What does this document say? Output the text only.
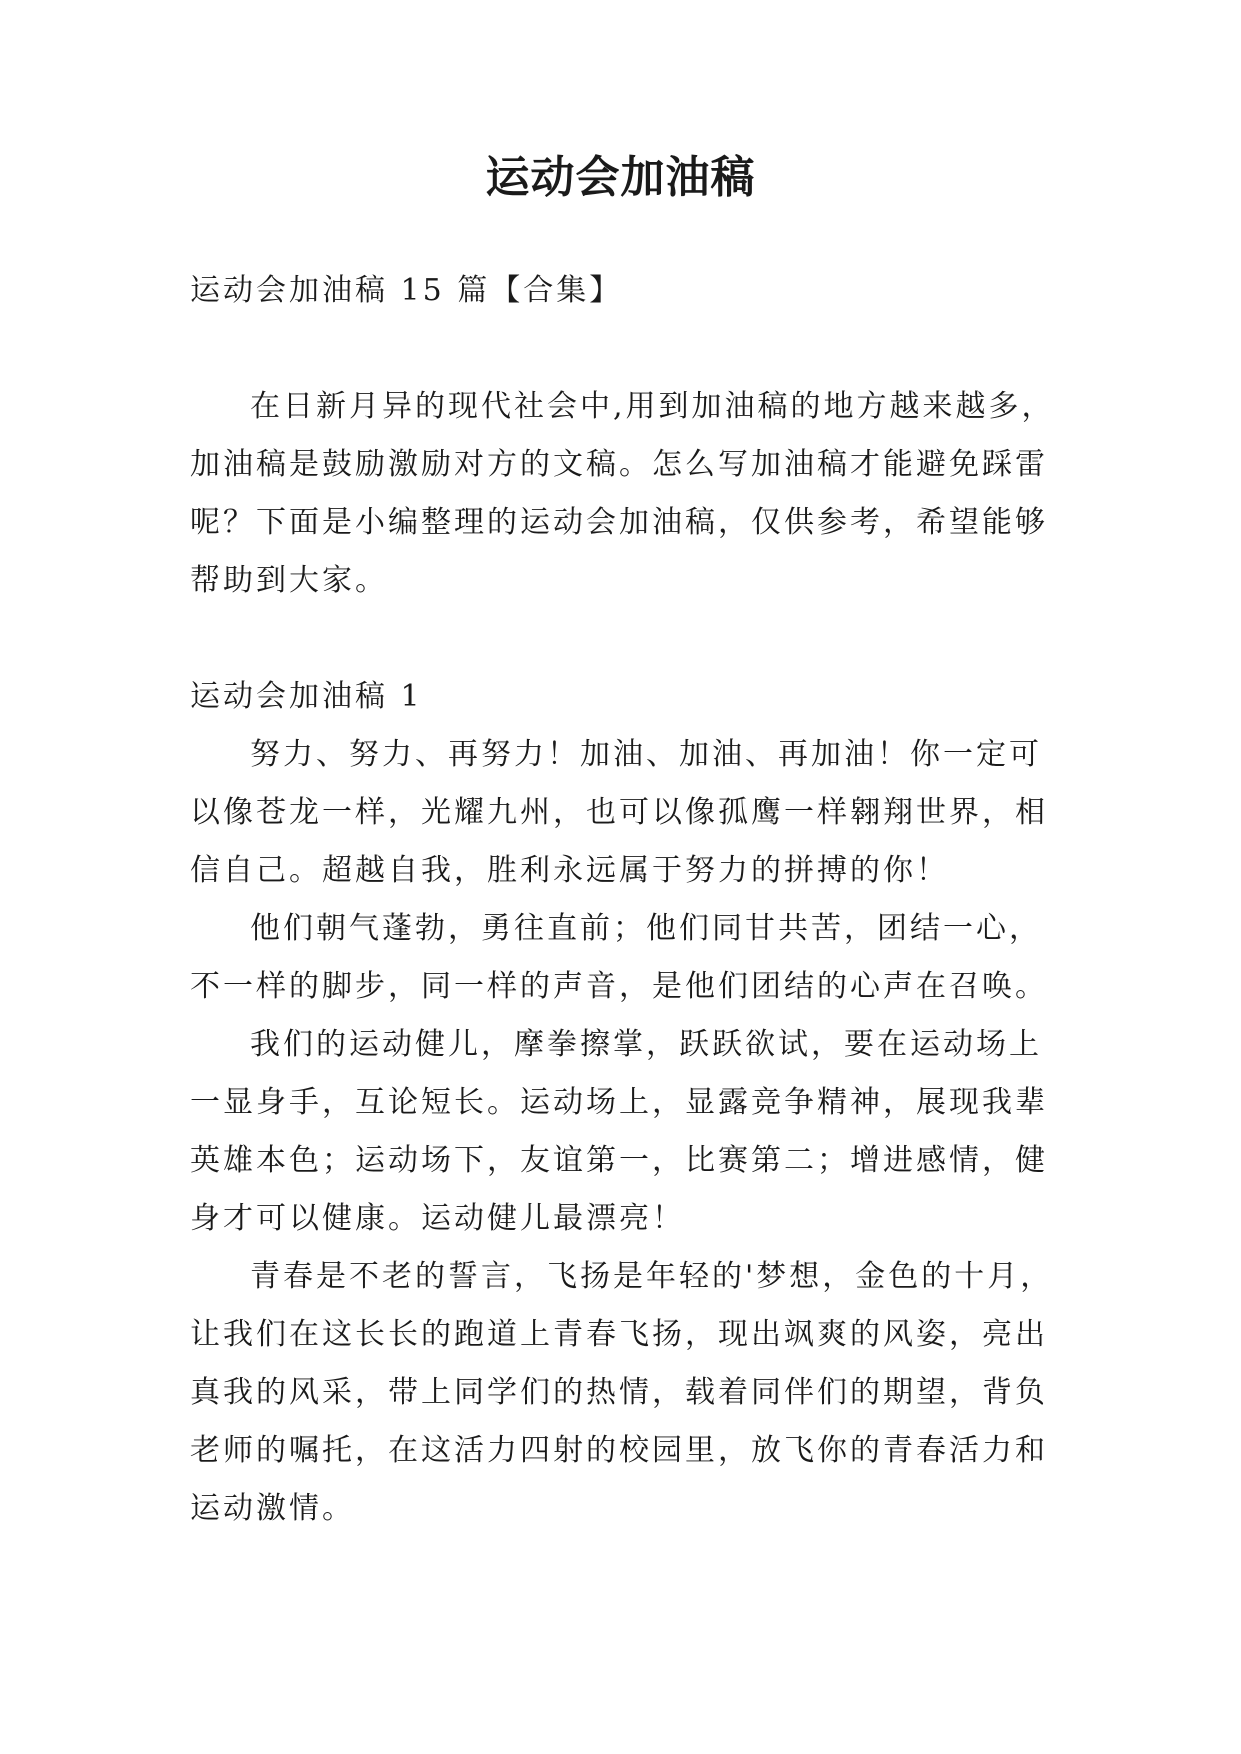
运动会加油稿

运动会加油稿 15 篇【合集】

在日新月异的现代社会中,用到加油稿的地方越来越多，加油稿是鼓励激励对方的文稿。怎么写加油稿才能避免踩雷呢？下面是小编整理的运动会加油稿，仅供参考，希望能够帮助到大家。

运动会加油稿 1

努力、努力、再努力！加油、加油、再加油！你一定可以像苍龙一样，光耀九州，也可以像孤鹰一样翱翔世界，相信自己。超越自我，胜利永远属于努力的拼搏的你！

他们朝气蓬勃，勇往直前；他们同甘共苦，团结一心，不一样的脚步，同一样的声音，是他们团结的心声在召唤。

我们的运动健儿，摩拳擦掌，跃跃欲试，要在运动场上一显身手，互论短长。运动场上，显露竞争精神，展现我辈英雄本色；运动场下，友谊第一，比赛第二；增进感情，健身才可以健康。运动健儿最漂亮！

青春是不老的誓言，飞扬是年轻的'梦想，金色的十月，让我们在这长长的跑道上青春飞扬，现出飒爽的风姿，亮出真我的风采，带上同学们的热情，载着同伴们的期望，背负老师的嘱托，在这活力四射的校园里，放飞你的青春活力和运动激情。
